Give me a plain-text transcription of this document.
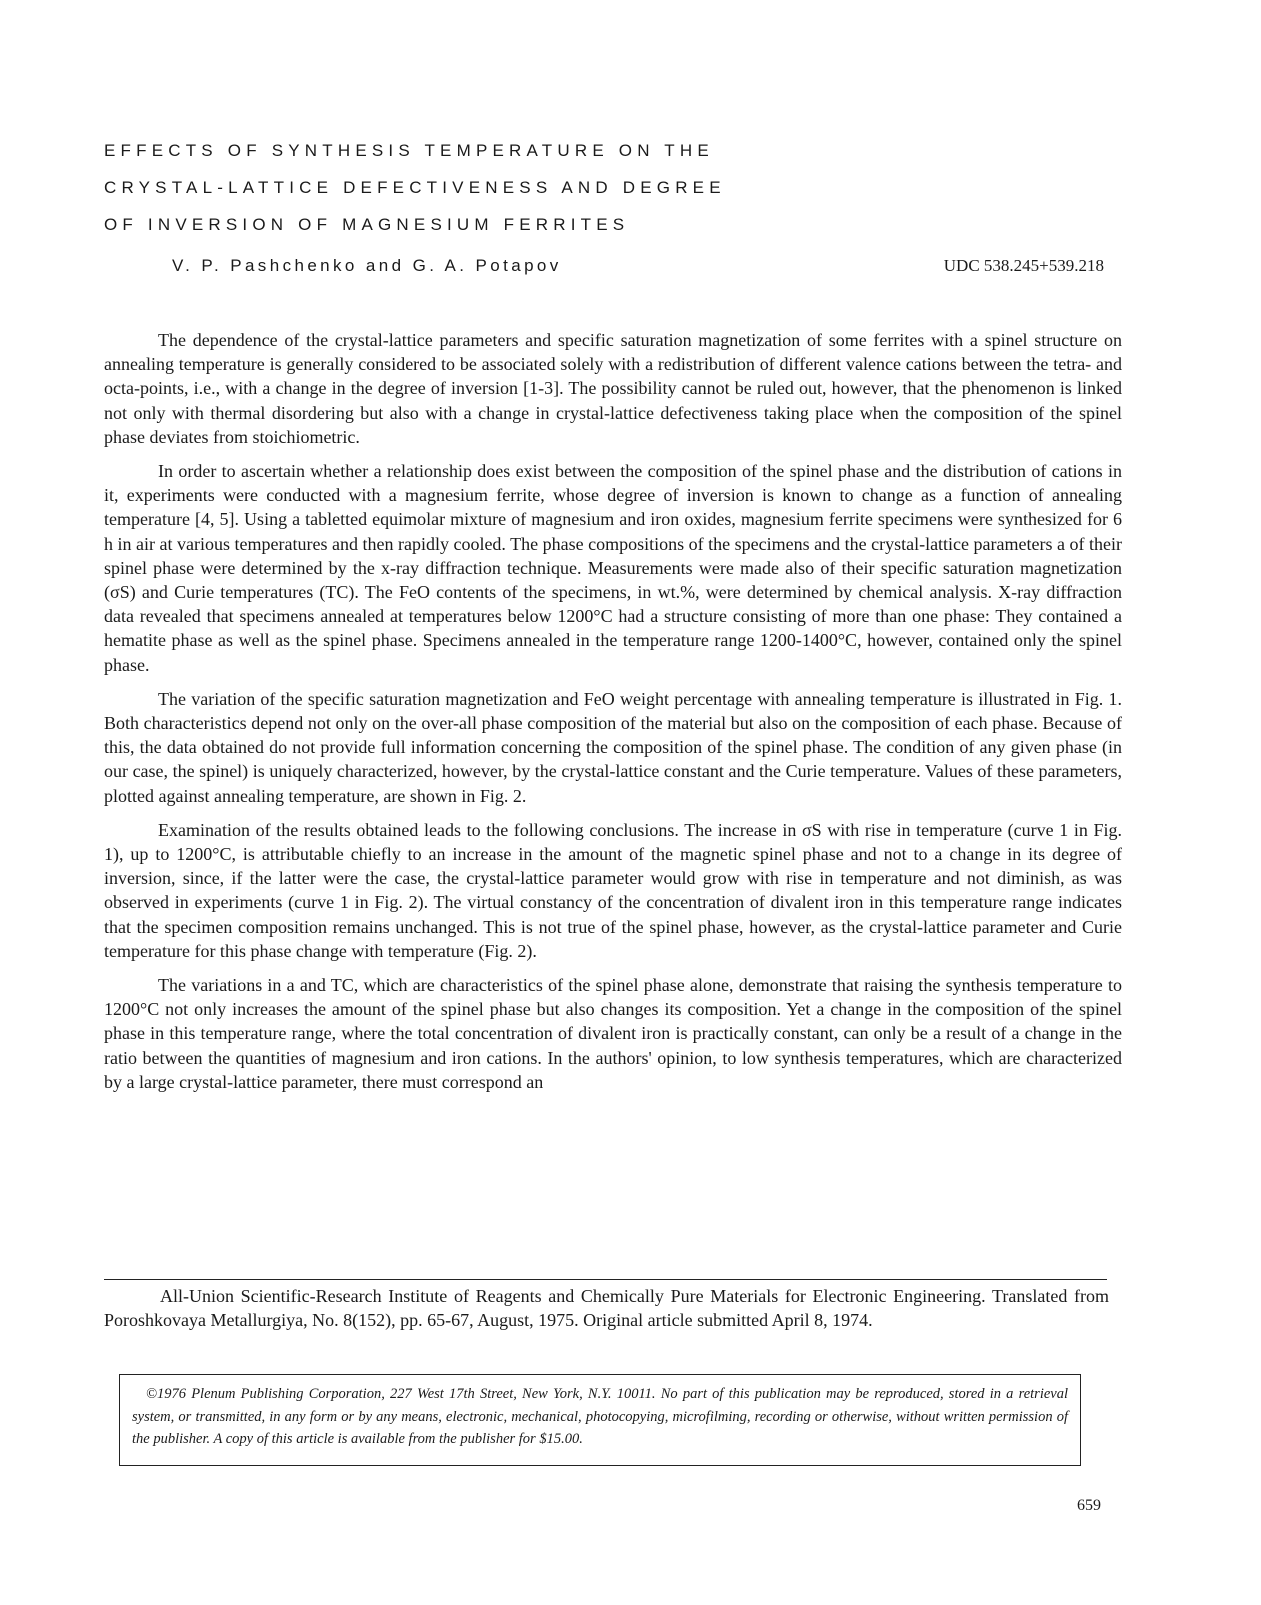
EFFECTS OF SYNTHESIS TEMPERATURE ON THE
CRYSTAL-LATTICE DEFECTIVENESS AND DEGREE
OF INVERSION OF MAGNESIUM FERRITES
V. P. Pashchenko and G. A. Potapov	UDC 538.245+539.218

The dependence of the crystal-lattice parameters and specific saturation magnetization of some ferrites with a spinel structure on annealing temperature is generally considered to be associated solely with a redistribution of different valence cations between the tetra- and octa-points, i.e., with a change in the degree of inversion [1-3]. The possibility cannot be ruled out, however, that the phenomenon is linked not only with thermal disordering but also with a change in crystal-lattice defectiveness taking place when the composition of the spinel phase deviates from stoichiometric.

In order to ascertain whether a relationship does exist between the composition of the spinel phase and the distribution of cations in it, experiments were conducted with a magnesium ferrite, whose degree of inversion is known to change as a function of annealing temperature [4, 5]. Using a tabletted equimolar mixture of magnesium and iron oxides, magnesium ferrite specimens were synthesized for 6 h in air at various temperatures and then rapidly cooled. The phase compositions of the specimens and the crystal-lattice parameters a of their spinel phase were determined by the x-ray diffraction technique. Measurements were made also of their specific saturation magnetization (σS) and Curie temperatures (TC). The FeO contents of the specimens, in wt.%, were determined by chemical analysis. X-ray diffraction data revealed that specimens annealed at temperatures below 1200°C had a structure consisting of more than one phase: They contained a hematite phase as well as the spinel phase. Specimens annealed in the temperature range 1200-1400°C, however, contained only the spinel phase.

The variation of the specific saturation magnetization and FeO weight percentage with annealing temperature is illustrated in Fig. 1. Both characteristics depend not only on the over-all phase composition of the material but also on the composition of each phase. Because of this, the data obtained do not provide full information concerning the composition of the spinel phase. The condition of any given phase (in our case, the spinel) is uniquely characterized, however, by the crystal-lattice constant and the Curie temperature. Values of these parameters, plotted against annealing temperature, are shown in Fig. 2.

Examination of the results obtained leads to the following conclusions. The increase in σS with rise in temperature (curve 1 in Fig. 1), up to 1200°C, is attributable chiefly to an increase in the amount of the magnetic spinel phase and not to a change in its degree of inversion, since, if the latter were the case, the crystal-lattice parameter would grow with rise in temperature and not diminish, as was observed in experiments (curve 1 in Fig. 2). The virtual constancy of the concentration of divalent iron in this temperature range indicates that the specimen composition remains unchanged. This is not true of the spinel phase, however, as the crystal-lattice parameter and Curie temperature for this phase change with temperature (Fig. 2).

The variations in a and TC, which are characteristics of the spinel phase alone, demonstrate that raising the synthesis temperature to 1200°C not only increases the amount of the spinel phase but also changes its composition. Yet a change in the composition of the spinel phase in this temperature range, where the total concentration of divalent iron is practically constant, can only be a result of a change in the ratio between the quantities of magnesium and iron cations. In the authors' opinion, to low synthesis temperatures, which are characterized by a large crystal-lattice parameter, there must correspond an

All-Union Scientific-Research Institute of Reagents and Chemically Pure Materials for Electronic Engineering. Translated from Poroshkovaya Metallurgiya, No. 8(152), pp. 65-67, August, 1975. Original article submitted April 8, 1974.
©1976 Plenum Publishing Corporation, 227 West 17th Street, New York, N.Y. 10011. No part of this publication may be reproduced, stored in a retrieval system, or transmitted, in any form or by any means, electronic, mechanical, photocopying, microfilming, recording or otherwise, without written permission of the publisher. A copy of this article is available from the publisher for $15.00.
659
